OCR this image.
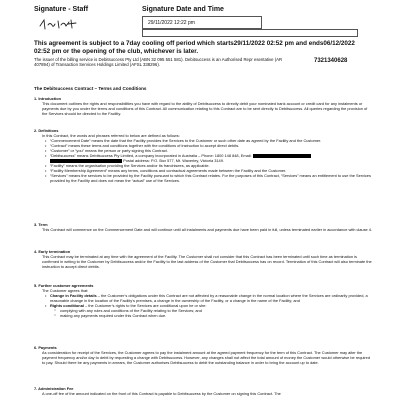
Signature - Staff	Signature Date and Time
29/11/2022 12:22 pm
This agreement is subject to a 7day cooling off period which starts29/11/2022 02:52 pm and ends06/12/2022 02:52 pm or the opening of the club, whichever is later.
The issuer of the billing service is Debitsuccess Pty Ltd (ABN 32 095 551 581). Debitsuccess is an Authorised Repr esentative (AR 407894) of Transaction Services Holdings Limited (AFSL 338296).
7321340628
The Debitsuccess Contract – Terms and Conditions
1. Introduction
This document outlines the rights and responsibilities you have with regard to the ability of Debitsuccess to directly debit your nominated bank account or credit card for any instalments or payments due by you under the terms and conditions of this Contract. All communication relating to this Contract are to be sent directly to Debitsuccess. All queries regarding the provision of the Services should be directed to the Facility.
2. Definitions
In this Contract, the words and phrases referred to below are defined as follows:
• “Commencement Date” means the date that the Facility provides the Services to the Customer or such other date as agreed by the Facility and the Customer.
• “Contract” means these terms and conditions together with the conditions of instruction to accept direct debits.
• “Customer” or “you” means the person or party signing this Contract.
• “Debitsuccess” means Debitsuccess Pty Limited, a company incorporated in Australia – Phone: 1800 148 848, Email:
Postal address: P.O. Box 577, Mt. Waverley, Victoria 3149.
• “Facility” means the organisation providing the Services and/or its franchisees, as applicable.
• “Facility Membership Agreement” means any terms, conditions and contractual agreements made between the Facility and the Customer.
• “Services” means the services to be provided by the Facility pursuant to which this Contract relates. For the purposes of this Contract, “Services” means an entitlement to use the Services provided by the Facility and does not mean the “actual” use of the Services.
3. Term
This Contract will commence on the Commencement Date and will continue until all instalments and payments due have been paid in full, unless terminated earlier in accordance with clause 4.
4. Early termination
This Contract may be terminated at any time with the agreement of the Facility. The Customer shall not consider that this Contract has been terminated until such time as termination is confirmed in writing to the Customer by Debitsuccess and/or the Facility to the last address of the Customer that Debitsuccess has on record. Termination of this Contract will also terminate the instruction to accept direct debits.
5. Further customer agreements
The Customer agrees that:
• Change in Facility details – the Customer’s obligations under this Contract are not affected by a reasonable change in the normal location where the Services are ordinarily provided, a reasonable change in the location of the Facility’s premises, a change in the ownership of the Facility, or a change in the name of the Facility; and
• Rights conditional – the Customer’s rights to the Services are conditional upon he or she:
○ complying with any rules and conditions of the Facility relating to the Services; and
○ making any payments required under this Contract when due.
6. Payments
As consideration for receipt of the Services, the Customer agrees to pay the instalment amount at the agreed payment frequency for the term of this Contract. The Customer may alter the payment frequency and/or day to debit by requesting a change with Debitsuccess. However, any changes shall not affect the total amount of money the Customer would otherwise be required to pay. Should there be any payments in arrears, the Customer authorises Debitsuccess to debit the outstanding balance in order to bring the account up to date.
7. Administration Fee
A one-off fee of the amount indicated on the front of this Contract is payable to Debitsuccess by the Customer on signing this Contract. The
